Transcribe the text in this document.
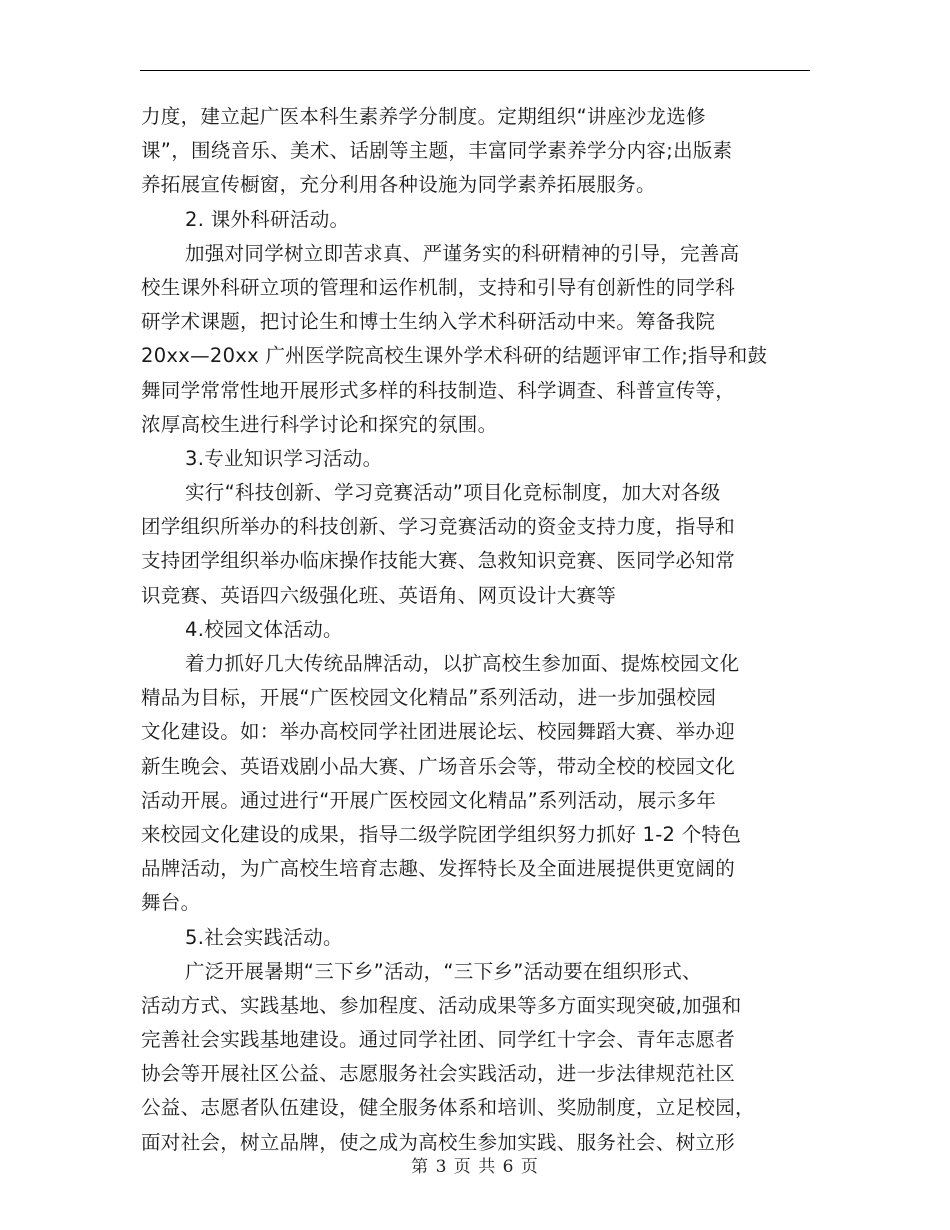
力度，建立起广医本科生素养学分制度。定期组织“讲座沙龙选修
课”，围绕音乐、美术、话剧等主题，丰富同学素养学分内容;出版素
养拓展宣传橱窗，充分利用各种设施为同学素养拓展服务。
2. 课外科研活动。
加强对同学树立即苦求真、严谨务实的科研精神的引导，完善高
校生课外科研立项的管理和运作机制，支持和引导有创新性的同学科
研学术课题，把讨论生和博士生纳入学术科研活动中来。筹备我院
20xx—20xx 广州医学院高校生课外学术科研的结题评审工作;指导和鼓
舞同学常常性地开展形式多样的科技制造、科学调查、科普宣传等，
浓厚高校生进行科学讨论和探究的氛围。
3.专业知识学习活动。
实行“科技创新、学习竞赛活动”项目化竞标制度，加大对各级
团学组织所举办的科技创新、学习竞赛活动的资金支持力度，指导和
支持团学组织举办临床操作技能大赛、急救知识竞赛、医同学必知常
识竞赛、英语四六级强化班、英语角、网页设计大赛等
4.校园文体活动。
着力抓好几大传统品牌活动，以扩高校生参加面、提炼校园文化
精品为目标，开展“广医校园文化精品”系列活动，进一步加强校园
文化建设。如：举办高校同学社团进展论坛、校园舞蹈大赛、举办迎
新生晚会、英语戏剧小品大赛、广场音乐会等，带动全校的校园文化
活动开展。通过进行“开展广医校园文化精品”系列活动，展示多年
来校园文化建设的成果，指导二级学院团学组织努力抓好 1-2 个特色
品牌活动，为广高校生培育志趣、发挥特长及全面进展提供更宽阔的
舞台。
5.社会实践活动。
广泛开展暑期“三下乡”活动，“三下乡”活动要在组织形式、
活动方式、实践基地、参加程度、活动成果等多方面实现突破,加强和
完善社会实践基地建设。通过同学社团、同学红十字会、青年志愿者
协会等开展社区公益、志愿服务社会实践活动，进一步法律规范社区
公益、志愿者队伍建设，健全服务体系和培训、奖励制度，立足校园，
面对社会，树立品牌，使之成为高校生参加实践、服务社会、树立形
第 3 页 共 6 页
